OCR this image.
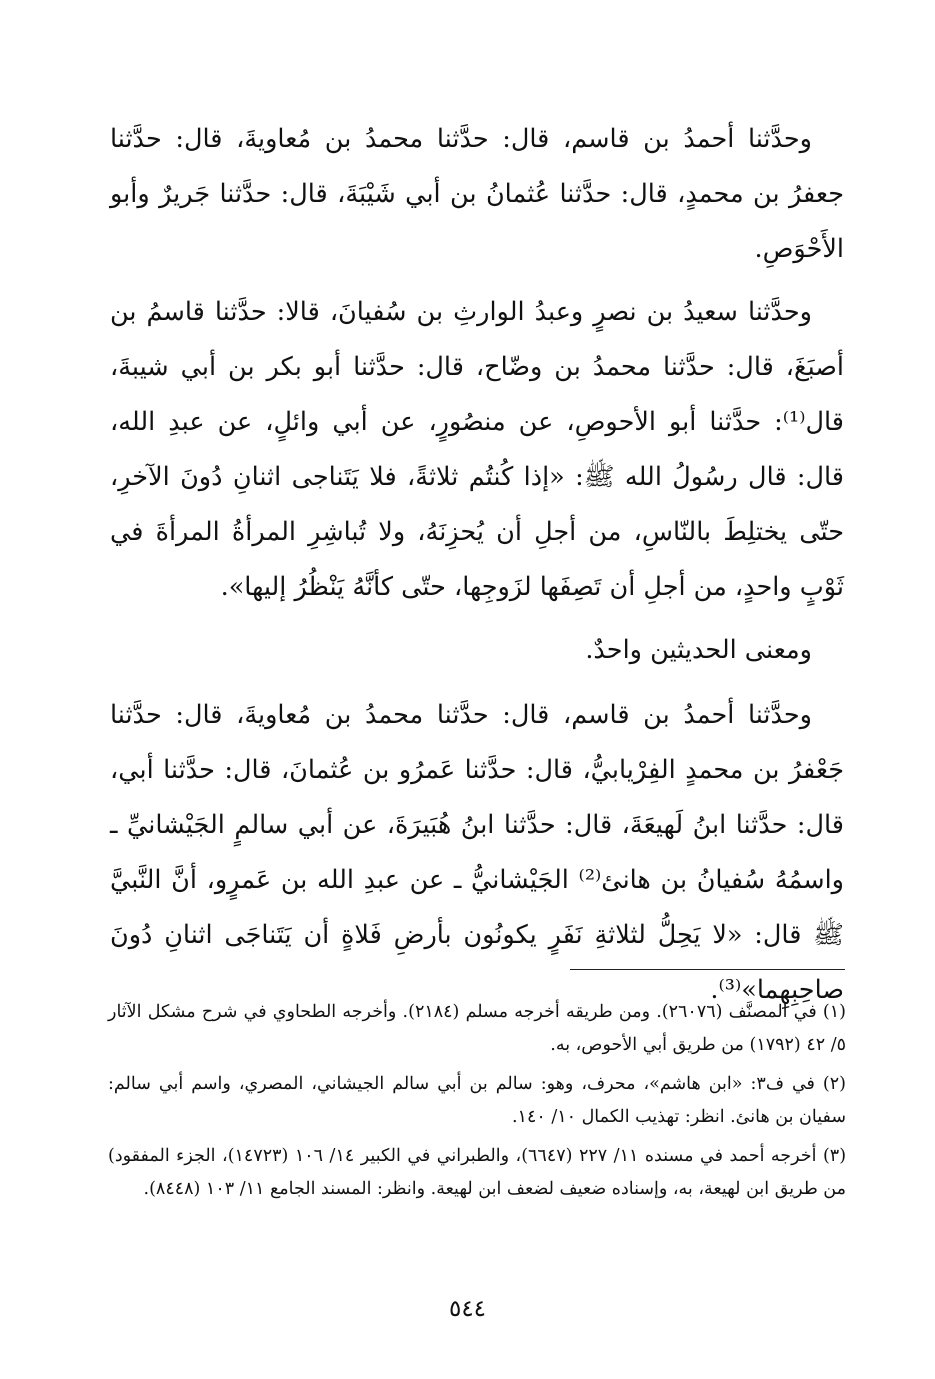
وحدَّثنا أحمدُ بن قاسم، قال: حدَّثنا محمدُ بن مُعاويةَ، قال: حدَّثنا جعفرُ بن محمدٍ، قال: حدَّثنا عُثمانُ بن أبي شَيْبَةَ، قال: حدَّثنا جَريرٌ وأبو الأَحْوَصِ.

وحدَّثنا سعيدُ بن نصرٍ وعبدُ الوارثِ بن سُفيانَ، قالا: حدَّثنا قاسمُ بن أصبَغَ، قال: حدَّثنا محمدُ بن وضّاح، قال: حدَّثنا أبو بكر بن أبي شيبةَ، قال⁽¹⁾: حدَّثنا أبو الأحوصِ، عن منصُورٍ، عن أبي وائلٍ، عن عبدِ الله، قال: قال رسُولُ الله ﷺ: «إذا كُنتُم ثلاثةً، فلا يَتَناجى اثنانِ دُونَ الآخرِ، حتّى يختلِطَ بالنّاسِ، من أجلِ أن يُحزِنَهُ، ولا تُباشِرِ المرأةُ المرأةَ في ثَوْبٍ واحدٍ، من أجلِ أن تَصِفَها لزَوجِها، حتّى كأنَّهُ يَنْظُرُ إليها».

ومعنى الحديثين واحدٌ.

وحدَّثنا أحمدُ بن قاسم، قال: حدَّثنا محمدُ بن مُعاويةَ، قال: حدَّثنا جَعْفرُ بن محمدٍ الفِرْيابيُّ، قال: حدَّثنا عَمرُو بن عُثمانَ، قال: حدَّثنا أبي، قال: حدَّثنا ابنُ لَهيعَةَ، قال: حدَّثنا ابنُ هُبَيرَةَ، عن أبي سالمٍ الجَيْشانيِّ ـ واسمُهُ سُفيانُ بن هانئ⁽²⁾ الجَيْشانيُّ ـ عن عبدِ الله بن عَمرٍو، أنَّ النَّبيَّ ﷺ قال: «لا يَحِلُّ لثلاثةِ نَفَرٍ يكونُون بأرضِ فَلاةٍ أن يَتَناجَى اثنانِ دُونَ صاحِبِهِما»⁽³⁾.

(١) في المصنَّف (٢٦٠٧٦). ومن طريقه أخرجه مسلم (٢١٨٤). وأخرجه الطحاوي في شرح مشكل الآثار ٥/ ٤٢ (١٧٩٢) من طريق أبي الأحوص، به.

(٢) في ف٣: «ابن هاشم»، محرف، وهو: سالم بن أبي سالم الجيشاني، المصري، واسم أبي سالم: سفيان بن هانئ. انظر: تهذيب الكمال ١٠/ ١٤٠.

(٣) أخرجه أحمد في مسنده ١١/ ٢٢٧ (٦٦٤٧)، والطبراني في الكبير ١٤/ ١٠٦ (١٤٧٢٣)، الجزء المفقود) من طريق ابن لهيعة، به، وإسناده ضعيف لضعف ابن لهيعة. وانظر: المسند الجامع ١١/ ١٠٣ (٨٤٤٨).

٥٤٤
